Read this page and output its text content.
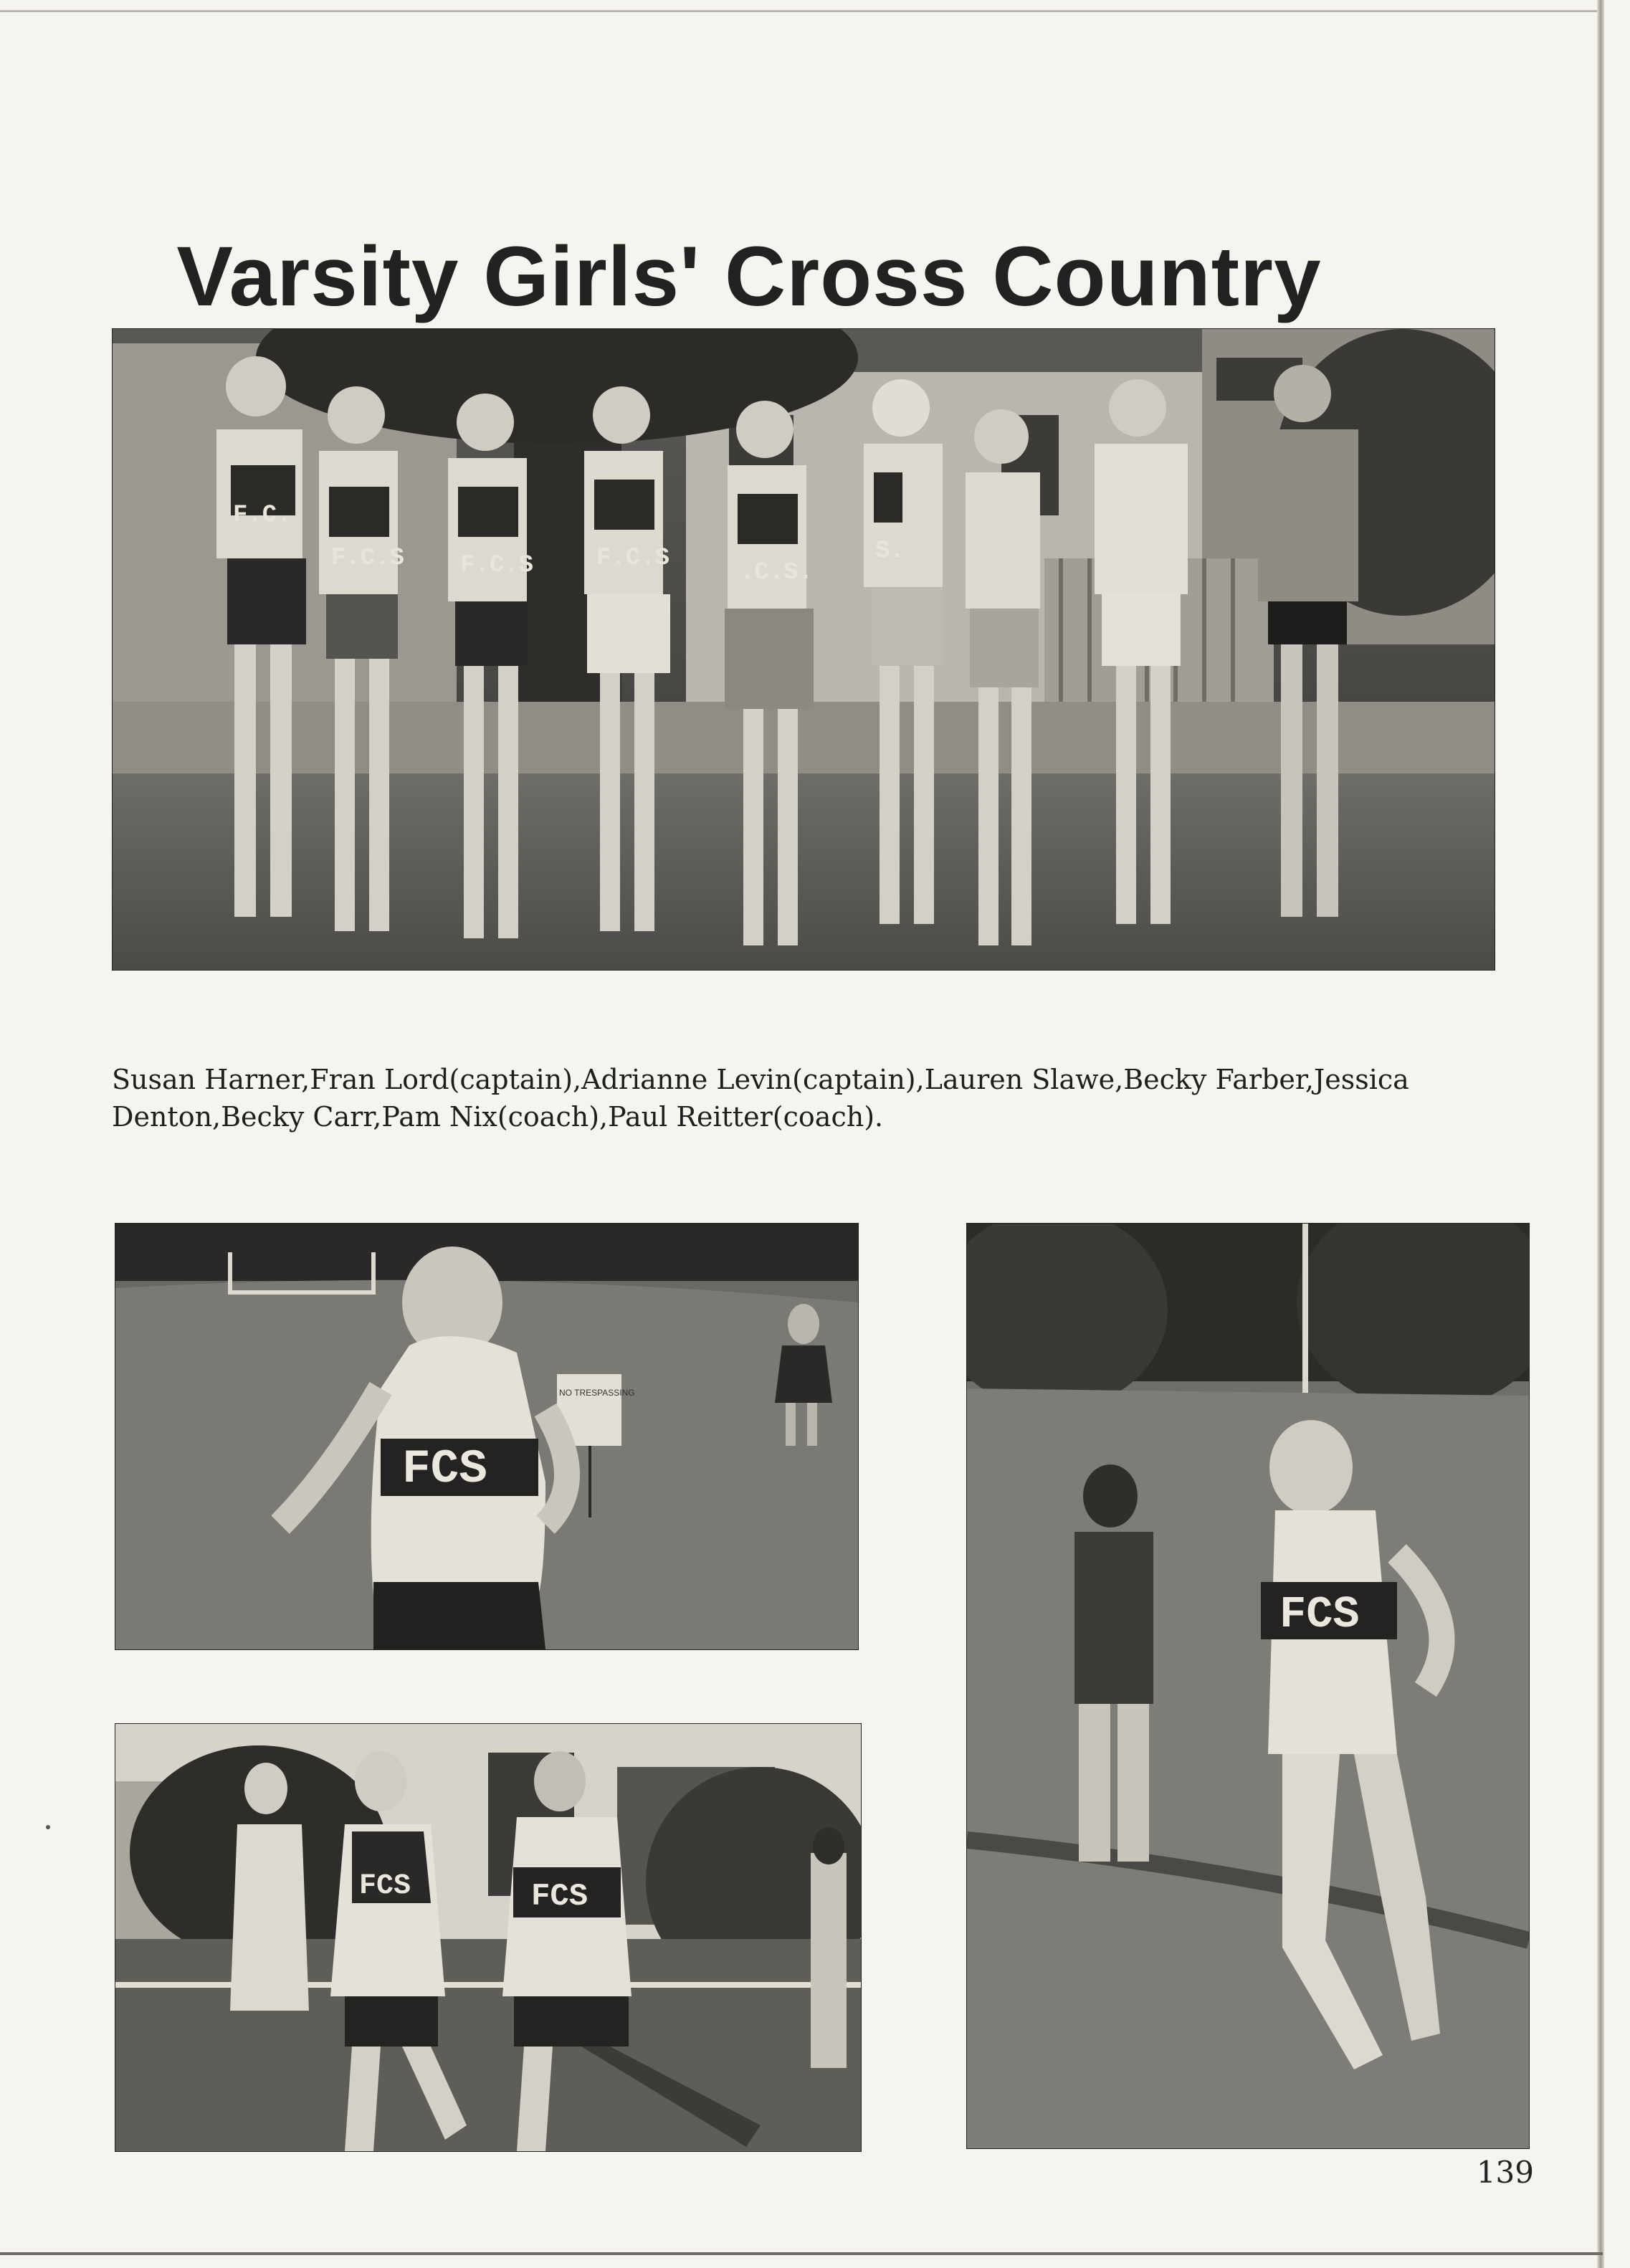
Varsity Girls' Cross Country
F.C.
F.C.S F.C.S	F.C.S
.C.S.
S.

Susan Harner,Fran Lord(captain),Adrianne Levin(captain),Lauren Slawe,Becky Farber,Jessica Denton,Becky Carr,Pam Nix(coach),Paul Reitter(coach).

FCS
NO TRESPASSING
FCS
FCS	FCS
139
